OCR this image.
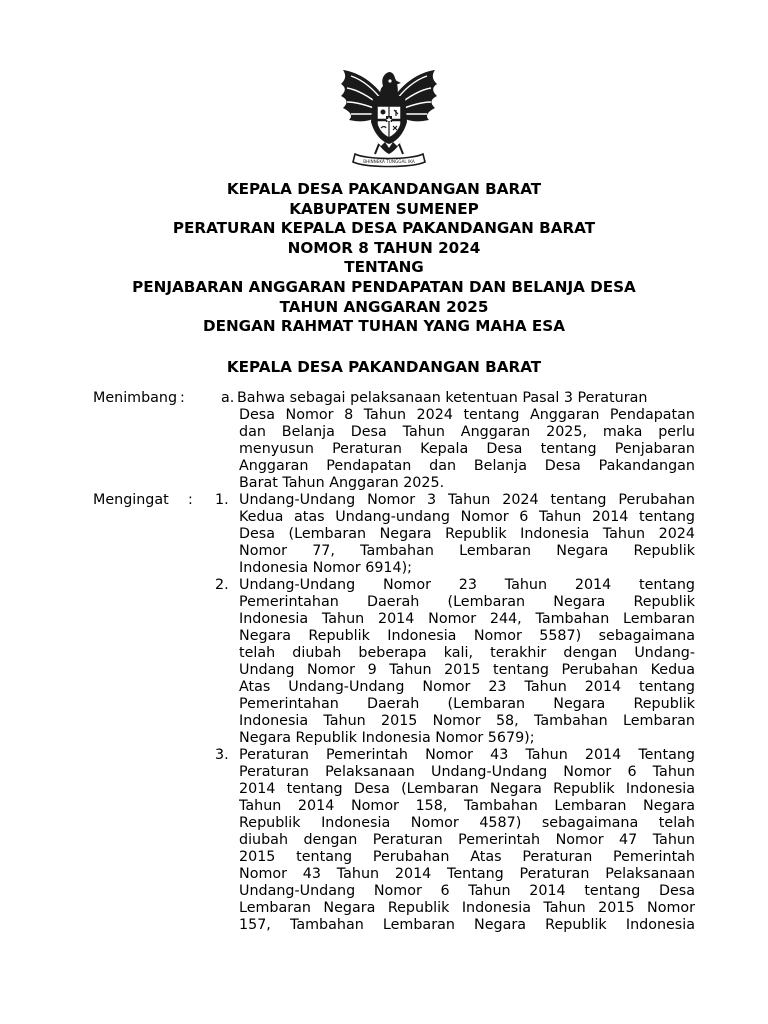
BHINNEKA TUNGGAL IKA
KEPALA DESA PAKANDANGAN BARAT
KABUPATEN SUMENEP
PERATURAN KEPALA DESA PAKANDANGAN BARAT
NOMOR 8 TAHUN 2024
TENTANG
PENJABARAN ANGGARAN PENDAPATAN DAN BELANJA DESA
TAHUN ANGGARAN 2025
DENGAN RAHMAT TUHAN YANG MAHA ESA
KEPALA DESA PAKANDANGAN BARAT
Menimbang :	a. Bahwa sebagai pelaksanaan ketentuan Pasal 3 Peraturan
Desa Nomor 8 Tahun 2024 tentang Anggaran Pendapatan
dan Belanja Desa Tahun Anggaran 2025, maka perlu
menyusun Peraturan Kepala Desa tentang Penjabaran
Anggaran Pendapatan dan Belanja Desa Pakandangan
Barat Tahun Anggaran 2025.
Mengingat : 1. Undang-Undang Nomor 3 Tahun 2024 tentang Perubahan
Kedua atas Undang-undang Nomor 6 Tahun 2014 tentang
Desa (Lembaran Negara Republik Indonesia Tahun 2024
Nomor 77, Tambahan Lembaran Negara Republik
Indonesia Nomor 6914);
2. Undang-Undang Nomor 23 Tahun 2014 tentang
Pemerintahan Daerah (Lembaran Negara Republik
Indonesia Tahun 2014 Nomor 244, Tambahan Lembaran
Negara Republik Indonesia Nomor 5587) sebagaimana
telah diubah beberapa kali, terakhir dengan Undang-
Undang Nomor 9 Tahun 2015 tentang Perubahan Kedua
Atas Undang-Undang Nomor 23 Tahun 2014 tentang
Pemerintahan Daerah (Lembaran Negara Republik
Indonesia Tahun 2015 Nomor 58, Tambahan Lembaran
Negara Republik Indonesia Nomor 5679);
3. Peraturan Pemerintah Nomor 43 Tahun 2014 Tentang
Peraturan Pelaksanaan Undang-Undang Nomor 6 Tahun
2014 tentang Desa (Lembaran Negara Republik Indonesia
Tahun 2014 Nomor 158, Tambahan Lembaran Negara
Republik Indonesia Nomor 4587) sebagaimana telah
diubah dengan Peraturan Pemerintah Nomor 47 Tahun
2015 tentang Perubahan Atas Peraturan Pemerintah
Nomor 43 Tahun 2014 Tentang Peraturan Pelaksanaan
Undang-Undang Nomor 6 Tahun 2014 tentang Desa
Lembaran Negara Republik Indonesia Tahun 2015 Nomor
157, Tambahan Lembaran Negara Republik Indonesia
